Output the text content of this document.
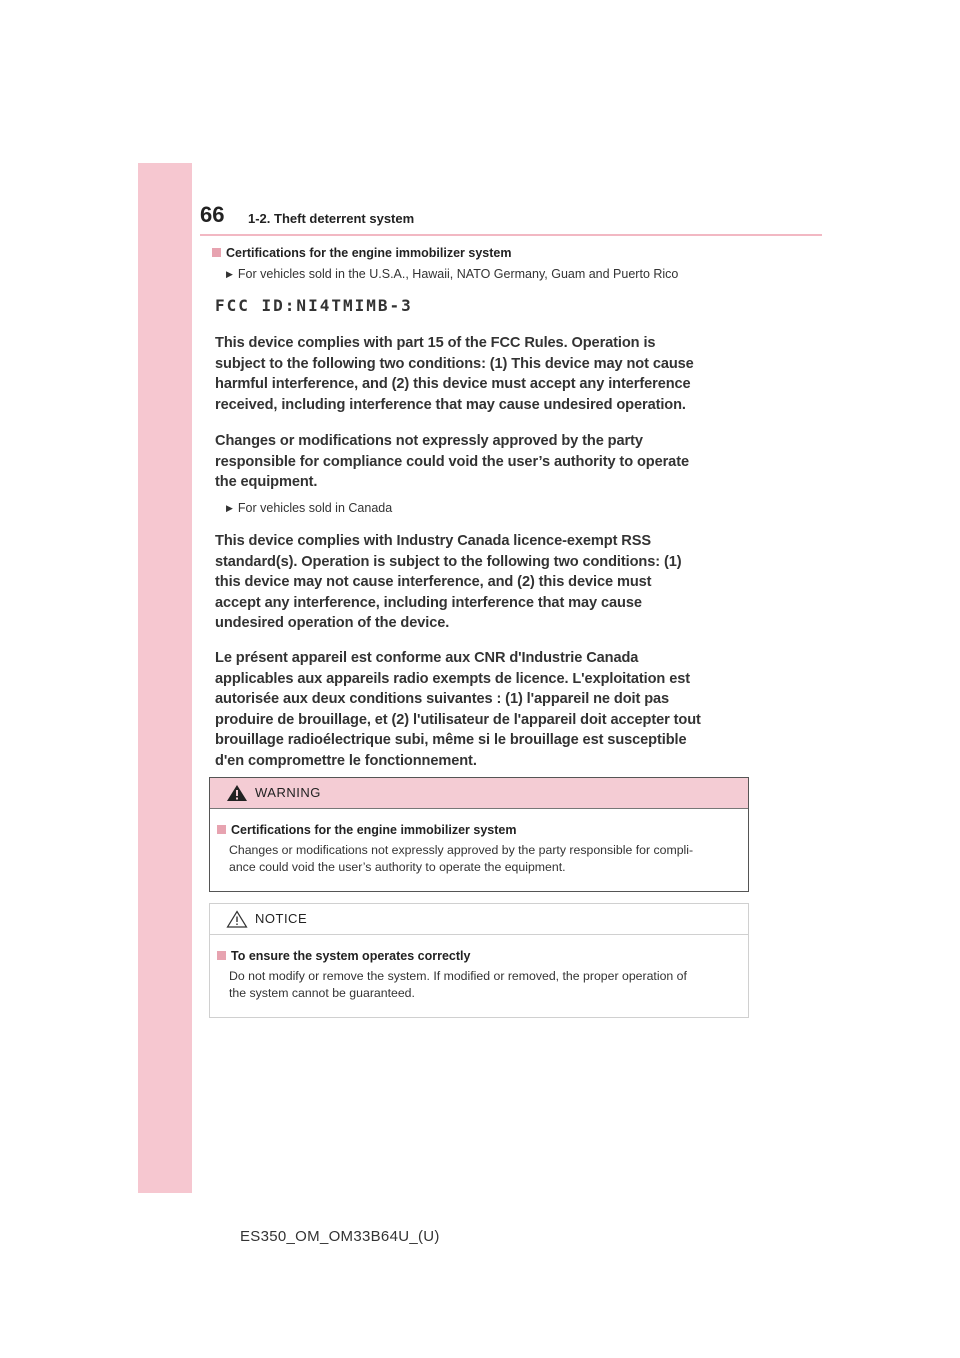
66 1-2. Theft deterrent system
Certifications for the engine immobilizer system
▶ For vehicles sold in the U.S.A., Hawaii, NATO Germany, Guam and Puerto Rico
FCC ID:NI4TMIMB-3

This device complies with part 15 of the FCC Rules. Operation is

subject to the following two conditions: (1) This device may not cause

harmful interference, and (2) this device must accept any interference

received, including interference that may cause undesired operation.

Changes or modifications not expressly approved by the party

responsible for compliance could void the user’s authority to operate

the equipment.

▶ For vehicles sold in Canada

This device complies with Industry Canada licence-exempt RSS

standard(s). Operation is subject to the following two conditions: (1)

this device may not cause interference, and (2) this device must

accept any interference, including interference that may cause

undesired operation of the device.

Le présent appareil est conforme aux CNR d'Industrie Canada

applicables aux appareils radio exempts de licence. L'exploitation est

autorisée aux deux conditions suivantes : (1) l'appareil ne doit pas

produire de brouillage, et (2) l'utilisateur de l'appareil doit accepter tout

brouillage radioélectrique subi, même si le brouillage est susceptible

d'en compromettre le fonctionnement.

WARNING
Certifications for the engine immobilizer system

Changes or modifications not expressly approved by the party responsible for compli-

ance could void the user’s authority to operate the equipment.

NOTICE
To ensure the system operates correctly

Do not modify or remove the system. If modified or removed, the proper operation of

the system cannot be guaranteed.

ES350_OM_OM33B64U_(U)
